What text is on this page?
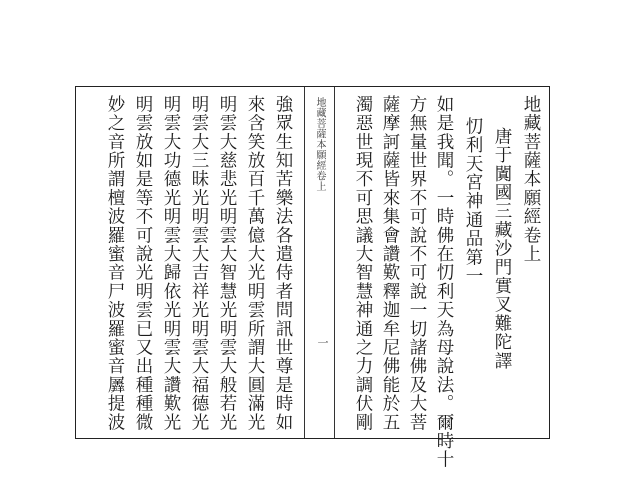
地藏菩薩本願經卷上
唐于闐國三藏沙門實叉難陀譯
忉利天宮神通品第一
如是我聞。一時佛在忉利天為母說法。爾時十
方無量世界不可說不可說一切諸佛及大菩
薩摩訶薩皆來集會讚歎釋迦牟尼佛能於五
濁惡世現不可思議大智慧神通之力調伏剛
地藏菩薩本願經卷上
一
強眾生知苦樂法各遣侍者問訊世尊是時如
來含笑放百千萬億大光明雲所謂大圓滿光
明雲大慈悲光明雲大智慧光明雲大般若光
明雲大三昧光明雲大吉祥光明雲大福德光
明雲大功德光明雲大歸依光明雲大讚歎光
明雲放如是等不可說光明雲已又出種種微
妙之音所謂檀波羅蜜音尸波羅蜜音羼提波
